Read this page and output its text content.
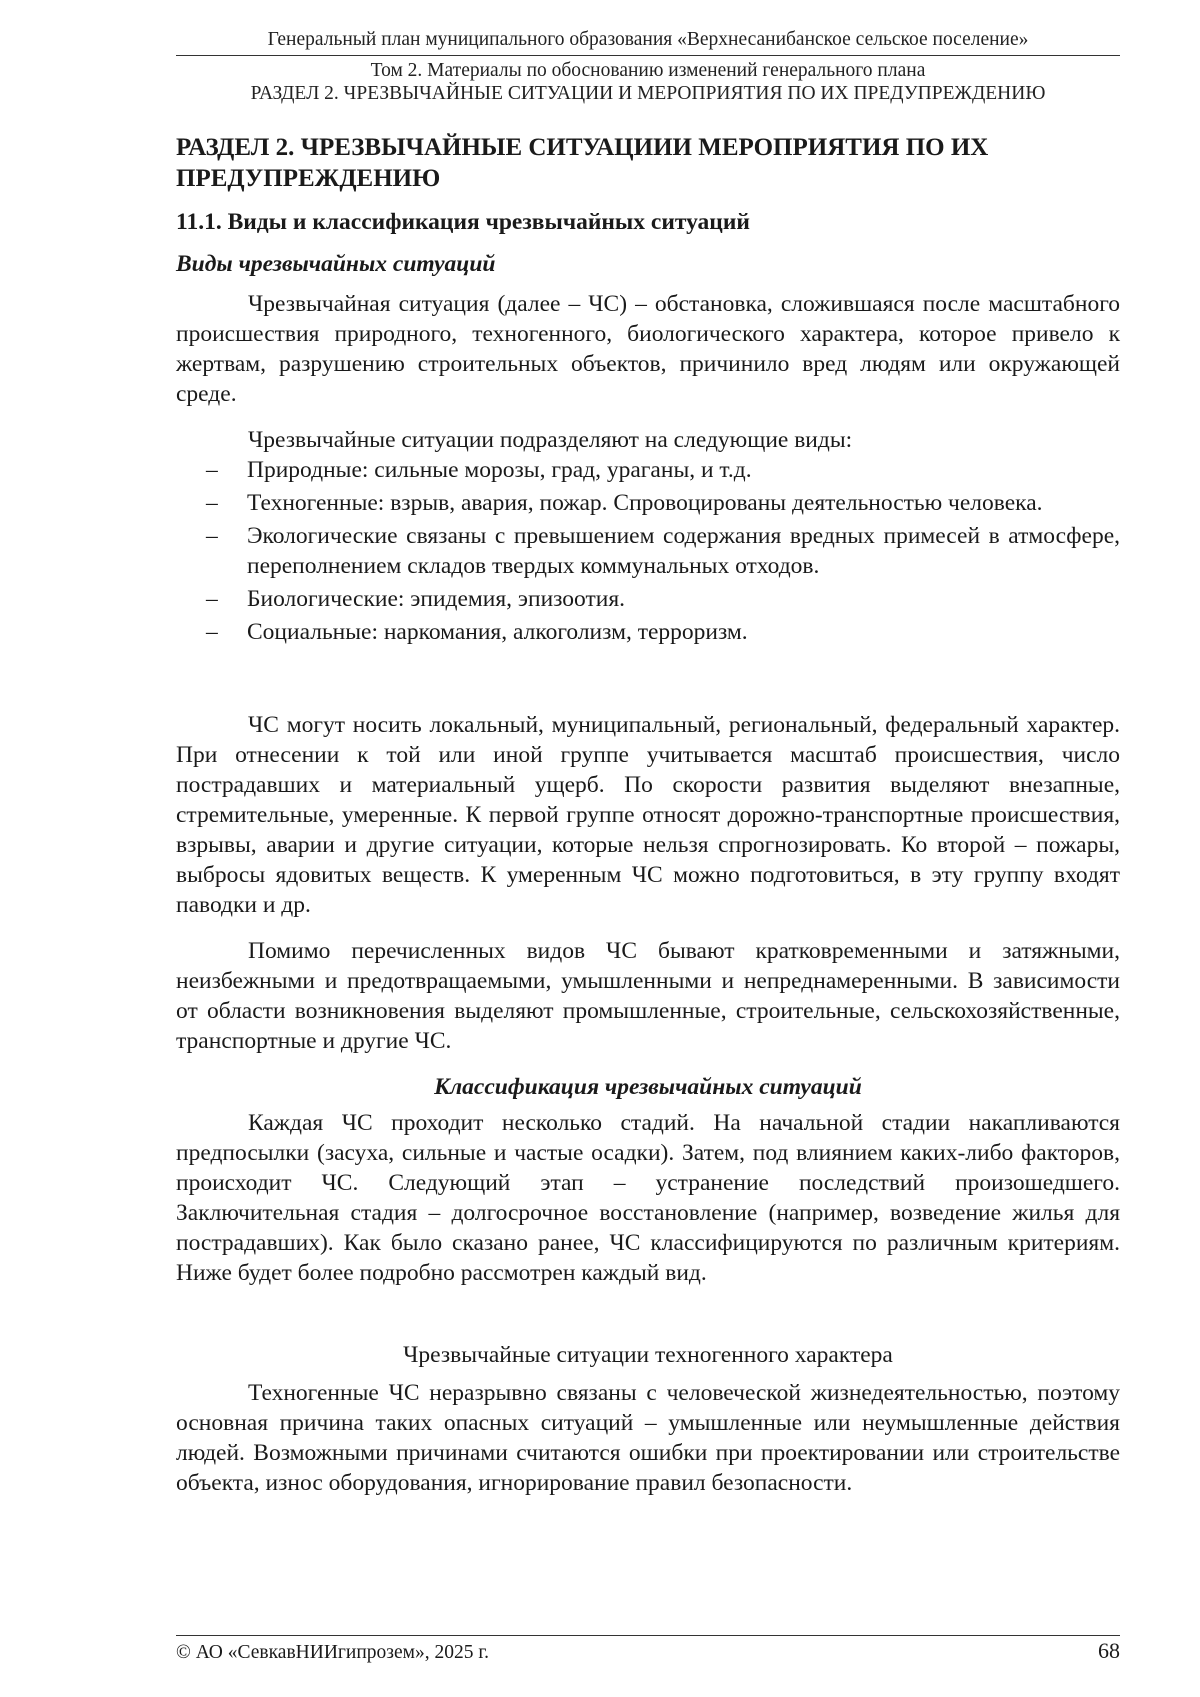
Генеральный план муниципального образования «Верхнесанибанское сельское поселение»
Том 2. Материалы по обоснованию изменений генерального плана
РАЗДЕЛ 2. ЧРЕЗВЫЧАЙНЫЕ СИТУАЦИИ И МЕРОПРИЯТИЯ ПО ИХ ПРЕДУПРЕЖДЕНИЮ
РАЗДЕЛ 2. ЧРЕЗВЫЧАЙНЫЕ СИТУАЦИИИ МЕРОПРИЯТИЯ ПО ИХ ПРЕДУПРЕЖДЕНИЮ
11.1. Виды и классификация чрезвычайных ситуаций
Виды чрезвычайных ситуаций

Чрезвычайная ситуация (далее – ЧС) – обстановка, сложившаяся после масштабного происшествия природного, техногенного, биологического характера, которое привело к жертвам, разрушению строительных объектов, причинило вред людям или окружающей среде.

Чрезвычайные ситуации подразделяют на следующие виды:

– Природные: сильные морозы, град, ураганы, и т.д.
– Техногенные: взрыв, авария, пожар. Спровоцированы деятельностью человека.
– Экологические связаны с превышением содержания вредных примесей в атмосфере, переполнением складов твердых коммунальных отходов.
– Биологические: эпидемия, эпизоотия.
– Социальные: наркомания, алкоголизм, терроризм.

ЧС могут носить локальный, муниципальный, региональный, федеральный характер. При отнесении к той или иной группе учитывается масштаб происшествия, число пострадавших и материальный ущерб. По скорости развития выделяют внезапные, стремительные, умеренные. К первой группе относят дорожно-транспортные происшествия, взрывы, аварии и другие ситуации, которые нельзя спрогнозировать. Ко второй – пожары, выбросы ядовитых веществ. К умеренным ЧС можно подготовиться, в эту группу входят паводки и др.

Помимо перечисленных видов ЧС бывают кратковременными и затяжными, неизбежными и предотвращаемыми, умышленными и непреднамеренными. В зависимости от области возникновения выделяют промышленные, строительные, сельскохозяйственные, транспортные и другие ЧС.

Классификация чрезвычайных ситуаций

Каждая ЧС проходит несколько стадий. На начальной стадии накапливаются предпосылки (засуха, сильные и частые осадки). Затем, под влиянием каких-либо факторов, происходит ЧС. Следующий этап – устранение последствий произошедшего. Заключительная стадия – долгосрочное восстановление (например, возведение жилья для пострадавших). Как было сказано ранее, ЧС классифицируются по различным критериям. Ниже будет более подробно рассмотрен каждый вид.

Чрезвычайные ситуации техногенного характера

Техногенные ЧС неразрывно связаны с человеческой жизнедеятельностью, поэтому основная причина таких опасных ситуаций – умышленные или неумышленные действия людей. Возможными причинами считаются ошибки при проектировании или строительстве объекта, износ оборудования, игнорирование правил безопасности.

© АО «СевкавНИИгипрозем», 2025 г.	68
